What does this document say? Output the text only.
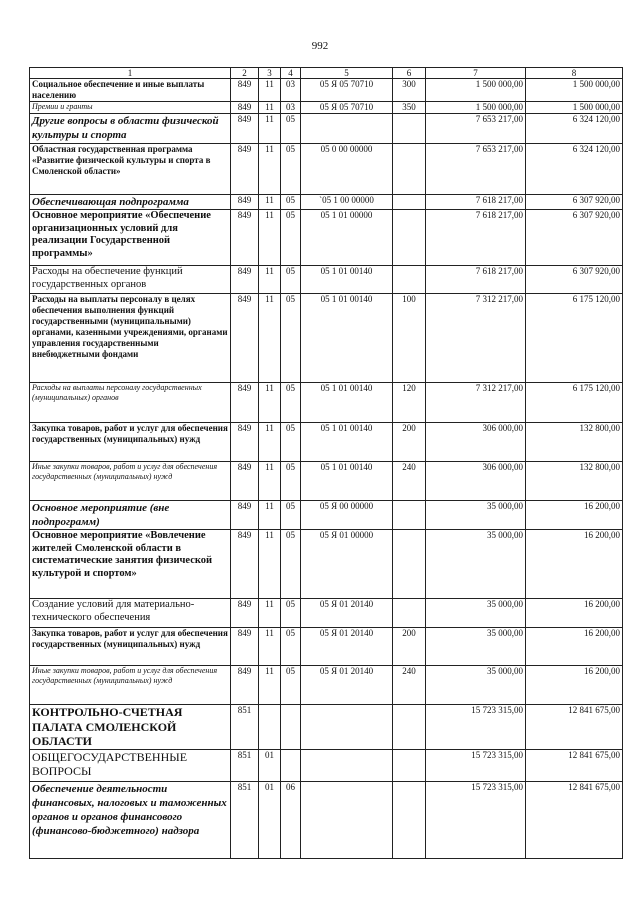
992
1	2	3	4	5	6	7	8
Социальное обеспечение и иные выплаты населению	849	11	03	05 Я 05 70710	300	1 500 000,00	1 500 000,00
Премии и гранты	849	11	03	05 Я 05 70710	350	1 500 000,00	1 500 000,00
Другие вопросы в области физической культуры и спорта	849	11	05			7 653 217,00	6 324 120,00
Областная государственная программа «Развитие физической культуры и спорта в Смоленской области»	849	11	05	05 0 00 00000		7 653 217,00	6 324 120,00
Обеспечивающая подпрограмма	849	11	05	`05 1 00 00000		7 618 217,00	6 307 920,00
Основное мероприятие «Обеспечение организационных условий для реализации Государственной программы»	849	11	05	05 1 01 00000		7 618 217,00	6 307 920,00
Расходы на обеспечение функций государственных органов	849	11	05	05 1 01 00140		7 618 217,00	6 307 920,00
Расходы на выплаты персоналу в целях обеспечения выполнения функций государственными (муниципальными) органами, казенными учреждениями, органами управления государственными внебюджетными фондами	849	11	05	05 1 01 00140	100	7 312 217,00	6 175 120,00
Расходы на выплаты персоналу государственных (муниципальных) органов	849	11	05	05 1 01 00140	120	7 312 217,00	6 175 120,00
Закупка товаров, работ и услуг для обеспечения государственных (муниципальных) нужд	849	11	05	05 1 01 00140	200	306 000,00	132 800,00
Иные закупки товаров, работ и услуг для обеспечения государственных (муниципальных) нужд	849	11	05	05 1 01 00140	240	306 000,00	132 800,00
Основное мероприятие (вне подпрограмм)	849	11	05	05 Я 00 00000		35 000,00	16 200,00
Основное мероприятие «Вовлечение жителей Смоленской области в систематические занятия физической культурой и спортом»	849	11	05	05 Я 01 00000		35 000,00	16 200,00
Создание условий для материально-технического обеспечения	849	11	05	05 Я 01 20140		35 000,00	16 200,00
Закупка товаров, работ и услуг для обеспечения государственных (муниципальных) нужд	849	11	05	05 Я 01 20140	200	35 000,00	16 200,00
Иные закупки товаров, работ и услуг для обеспечения государственных (муниципальных) нужд	849	11	05	05 Я 01 20140	240	35 000,00	16 200,00
КОНТРОЛЬНО-СЧЕТНАЯ ПАЛАТА СМОЛЕНСКОЙ ОБЛАСТИ	851					15 723 315,00	12 841 675,00
ОБЩЕГОСУДАРСТВЕННЫЕ ВОПРОСЫ	851	01				15 723 315,00	12 841 675,00
Обеспечение деятельности финансовых, налоговых и таможенных органов и органов финансового (финансово-бюджетного) надзора	851	01	06			15 723 315,00	12 841 675,00
